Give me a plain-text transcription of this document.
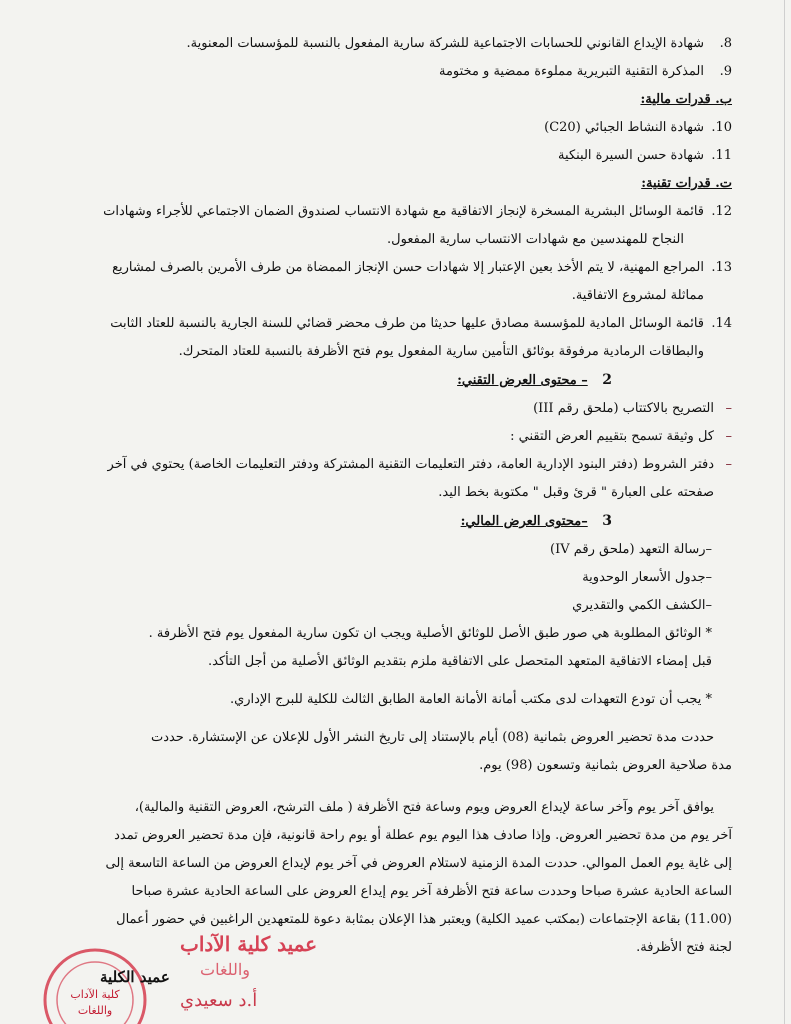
8.
شهادة الإيداع القانوني للحسابات الاجتماعية للشركة سارية المفعول بالنسبة للمؤسسات المعنوية.
9.
المذكرة التقنية التبريرية مملوءة ممضية و مختومة
ب. قدرات مالية:
10.
شهادة النشاط الجبائي (C20)
11.
شهادة حسن السيرة البنكية
ت. قدرات تقنية:
12.
قائمة الوسائل البشرية المسخرة لإنجاز الاتفاقية مع شهادة الانتساب لصندوق الضمان الاجتماعي للأجراء وشهادات
النجاح للمهندسين مع شهادات الانتساب سارية المفعول.
13.
المراجع المهنية، لا يتم الأخذ بعين الإعتبار إلا شهادات حسن الإنجاز الممضاة من طرف الأمرين بالصرف لمشاريع
مماثلة لمشروع الاتفاقية.
14.
قائمة الوسائل المادية للمؤسسة مصادق عليها حديثا من طرف محضر قضائي للسنة الجارية بالنسبة للعتاد الثابت
والبطاقات الرمادية مرفوقة بوثائق التأمين سارية المفعول يوم فتح الأظرفة بالنسبة للعتاد المتحرك.
2 – محتوى العرض التقني:
–
التصريح بالاكتتاب (ملحق رقم III)
–
كل وثيقة تسمح بتقييم العرض التقني :
–
دفتر الشروط (دفتر البنود الإدارية العامة، دفتر التعليمات التقنية المشتركة ودفتر التعليمات الخاصة) يحتوي في آخر
صفحته على العبارة " قرئ وقبل " مكتوبة بخط اليد.
3 –محتوى العرض المالي:
–رسالة التعهد (ملحق رقم IV)
–جدول الأسعار الوحدوية
–الكشف الكمي والتقديري
* الوثائق المطلوبة هي صور طبق الأصل للوثائق الأصلية ويجب ان تكون سارية المفعول يوم فتح الأظرفة .
قبل إمضاء الاتفاقية المتعهد المتحصل على الاتفاقية ملزم بتقديم الوثائق الأصلية من أجل التأكد.
* يجب أن تودع التعهدات لدى مكتب أمانة الأمانة العامة الطابق الثالث للكلية للبرج الإداري.
حددت مدة تحضير العروض بثمانية (08) أيام بالإستناد إلى تاريخ النشر الأول للإعلان عن الإستشارة. حددت
مدة صلاحية العروض بثمانية وتسعون (98) يوم.
يوافق آخر يوم وآخر ساعة لإيداع العروض ويوم وساعة فتح الأظرفة ( ملف الترشح، العروض التقنية والمالية)،
آخر يوم من مدة تحضير العروض. وإذا صادف هذا اليوم يوم عطلة أو يوم راحة قانونية، فإن مدة تحضير العروض تمدد
إلى غاية يوم العمل الموالي. حددت المدة الزمنية لاستلام العروض في آخر يوم لإيداع العروض من الساعة التاسعة إلى
الساعة الحادية عشرة صباحا وحددت ساعة فتح الأظرفة آخر يوم إيداع العروض على الساعة الحادية عشرة صباحا
(11.00) بقاعة الإجتماعات (بمكتب عميد الكلية) ويعتبر هذا الإعلان بمثابة دعوة للمتعهدين الراغبين في حضور أعمال
لجنة فتح الأظرفة.
كلية الآداب
واللغات
عميد كلية الآداب
واللغات
عميد الكلية
أ.د سعيدي
